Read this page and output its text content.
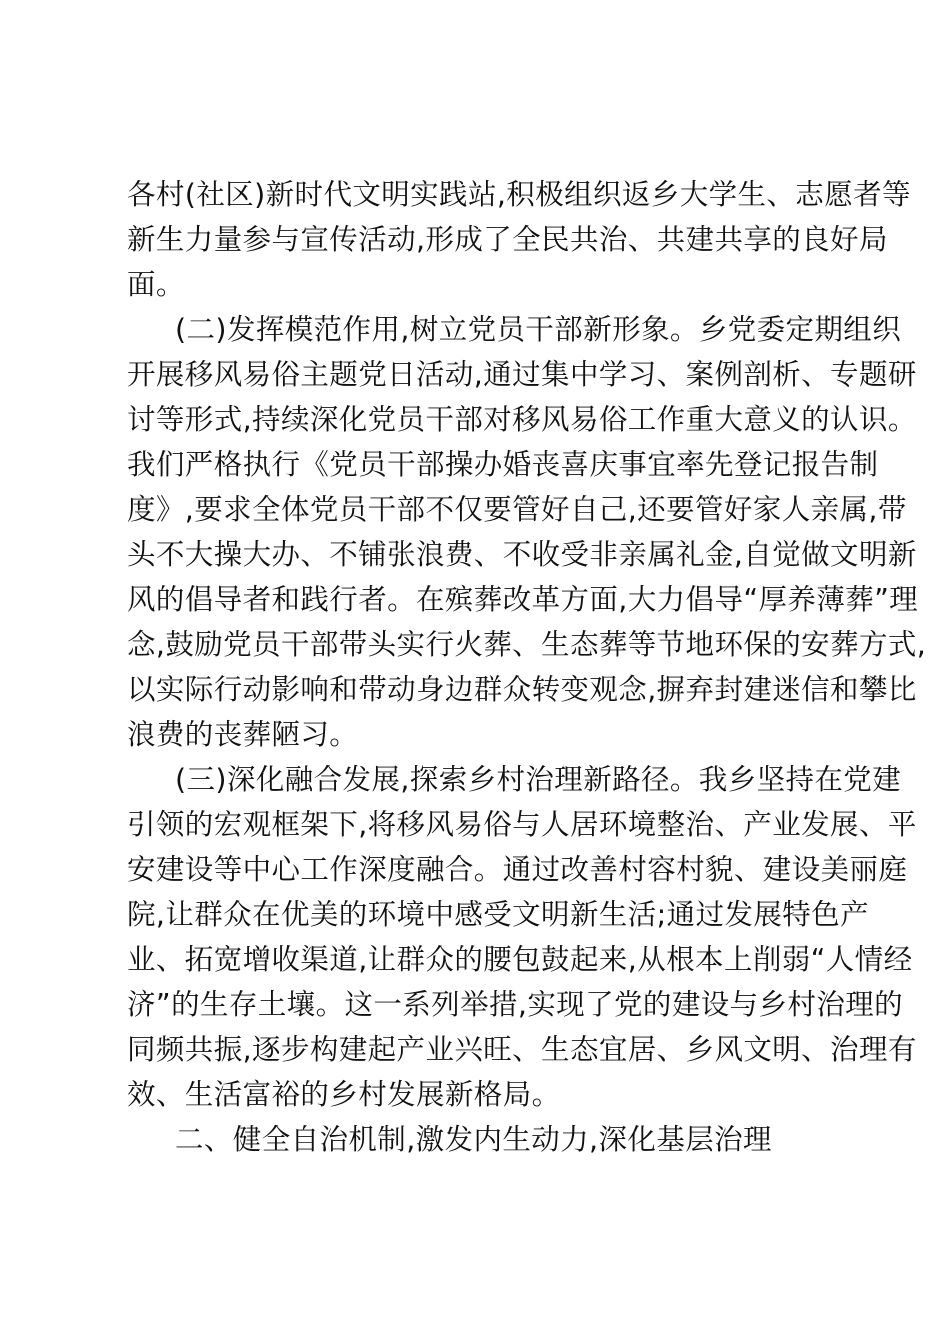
各村(社区)新时代文明实践站,积极组织返乡大学生、志愿者等
新生力量参与宣传活动,形成了全民共治、共建共享的良好局
面。
(二)发挥模范作用,树立党员干部新形象。乡党委定期组织
开展移风易俗主题党日活动,通过集中学习、案例剖析、专题研
讨等形式,持续深化党员干部对移风易俗工作重大意义的认识。
我们严格执行《党员干部操办婚丧喜庆事宜率先登记报告制
度》,要求全体党员干部不仅要管好自己,还要管好家人亲属,带
头不大操大办、不铺张浪费、不收受非亲属礼金,自觉做文明新
风的倡导者和践行者。在殡葬改革方面,大力倡导“厚养薄葬”理
念,鼓励党员干部带头实行火葬、生态葬等节地环保的安葬方式,
以实际行动影响和带动身边群众转变观念,摒弃封建迷信和攀比
浪费的丧葬陋习。
(三)深化融合发展,探索乡村治理新路径。我乡坚持在党建
引领的宏观框架下,将移风易俗与人居环境整治、产业发展、平
安建设等中心工作深度融合。通过改善村容村貌、建设美丽庭
院,让群众在优美的环境中感受文明新生活;通过发展特色产
业、拓宽增收渠道,让群众的腰包鼓起来,从根本上削弱“人情经
济”的生存土壤。这一系列举措,实现了党的建设与乡村治理的
同频共振,逐步构建起产业兴旺、生态宜居、乡风文明、治理有
效、生活富裕的乡村发展新格局。
二、健全自治机制,激发内生动力,深化基层治理
